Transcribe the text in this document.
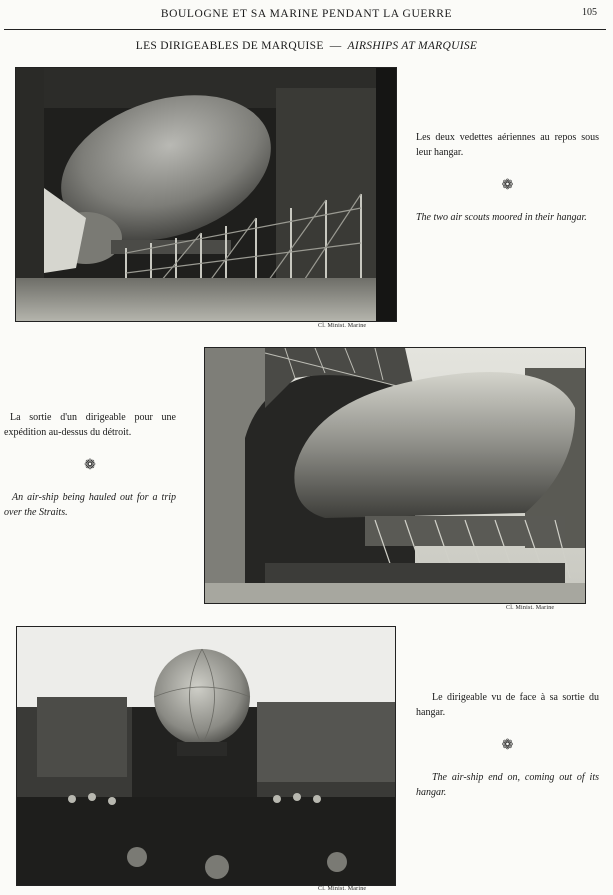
BOULOGNE ET SA MARINE PENDANT LA GUERRE	105
LES DIRIGEABLES DE MARQUISE — AIRSHIPS AT MARQUISE
Cl. Minist. Marine

Les deux vedettes aériennes au repos sous leur hangar.

❁

The two air scouts moored in their hangar.

Cl. Minist. Marine

La sortie d'un dirigeable pour une expédition au-dessus du détroit.

❁

An air-ship being hauled out for a trip over the Straits.

Cl. Minist. Marine

Le dirigeable vu de face à sa sortie du hangar.

❁

The air-ship end on, coming out of its hangar.
